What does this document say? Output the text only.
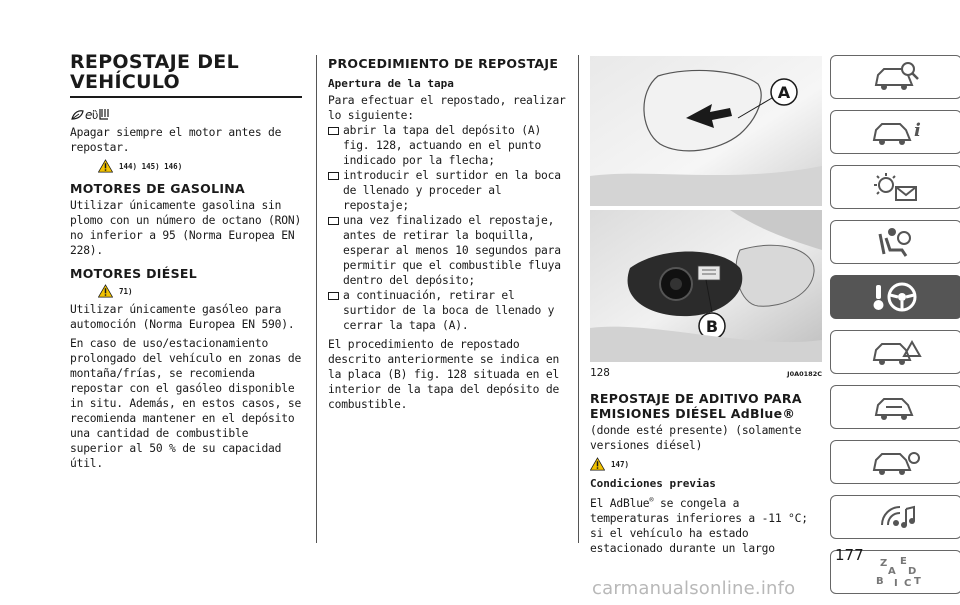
REPOSTAJE DEL VEHÍCULO
e ὒ

Apagar siempre el motor antes de repostar.

144) 145) 146)
MOTORES DE GASOLINA

Utilizar únicamente gasolina sin plomo con un número de octano (RON) no inferior a 95 (Norma Europea EN 228).

MOTORES DIÉSEL
71)

Utilizar únicamente gasóleo para automoción (Norma Europea EN 590).

En caso de uso/estacionamiento prolongado del vehículo en zonas de montaña/frías, se recomienda repostar con el gasóleo disponible in situ. Además, en estos casos, se recomienda mantener en el depósito una cantidad de combustible superior al 50 % de su capacidad útil.

PROCEDIMIENTO DE REPOSTAJE
Apertura de la tapa

Para efectuar el repostado, realizar lo siguiente:

abrir la tapa del depósito (A) fig. 128, actuando en el punto indicado por la flecha;

introducir el surtidor en la boca de llenado y proceder al repostaje;

una vez finalizado el repostaje, antes de retirar la boquilla, esperar al menos 10 segundos para permitir que el combustible fluya dentro del depósito;

a continuación, retirar el surtidor de la boca de llenado y cerrar la tapa (A).

El procedimiento de repostado descrito anteriormente se indica en la placa (B) fig. 128 situada en el interior de la tapa del depósito de combustible.

A
B
128	J0A0182C
REPOSTAJE DE ADITIVO PARA EMISIONES DIÉSEL AdBlue®

(donde esté presente) (solamente versiones diésel)

147)
Condiciones previas

El AdBlue® se congela a temperaturas inferiores a -11 °C; si el vehículo ha estado estacionado durante un largo

i
Z E
A D
B I C T
177
carmanualsonline.info
